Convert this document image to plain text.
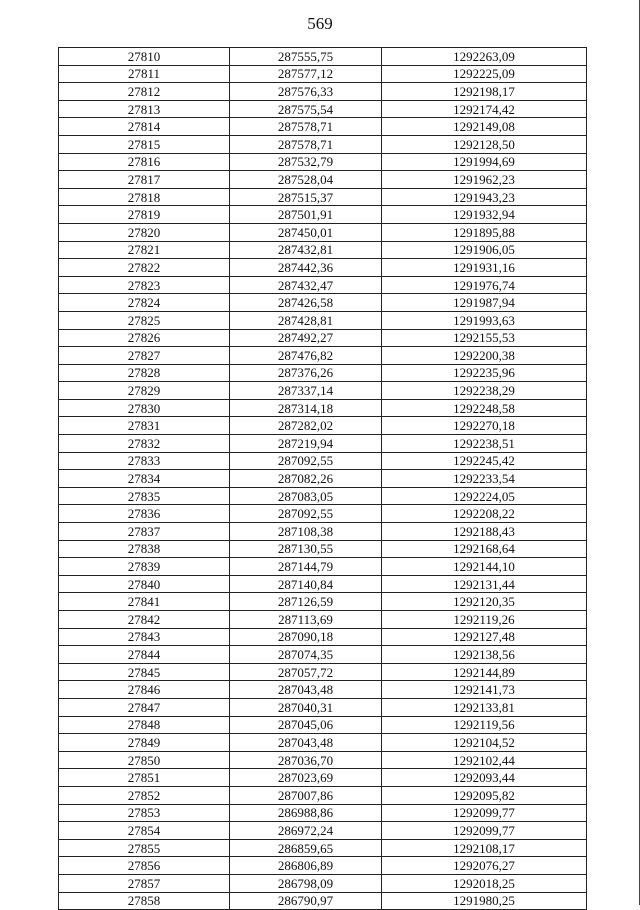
569
27810	287555,75	1292263,09
27811	287577,12	1292225,09
27812	287576,33	1292198,17
27813	287575,54	1292174,42
27814	287578,71	1292149,08
27815	287578,71	1292128,50
27816	287532,79	1291994,69
27817	287528,04	1291962,23
27818	287515,37	1291943,23
27819	287501,91	1291932,94
27820	287450,01	1291895,88
27821	287432,81	1291906,05
27822	287442,36	1291931,16
27823	287432,47	1291976,74
27824	287426,58	1291987,94
27825	287428,81	1291993,63
27826	287492,27	1292155,53
27827	287476,82	1292200,38
27828	287376,26	1292235,96
27829	287337,14	1292238,29
27830	287314,18	1292248,58
27831	287282,02	1292270,18
27832	287219,94	1292238,51
27833	287092,55	1292245,42
27834	287082,26	1292233,54
27835	287083,05	1292224,05
27836	287092,55	1292208,22
27837	287108,38	1292188,43
27838	287130,55	1292168,64
27839	287144,79	1292144,10
27840	287140,84	1292131,44
27841	287126,59	1292120,35
27842	287113,69	1292119,26
27843	287090,18	1292127,48
27844	287074,35	1292138,56
27845	287057,72	1292144,89
27846	287043,48	1292141,73
27847	287040,31	1292133,81
27848	287045,06	1292119,56
27849	287043,48	1292104,52
27850	287036,70	1292102,44
27851	287023,69	1292093,44
27852	287007,86	1292095,82
27853	286988,86	1292099,77
27854	286972,24	1292099,77
27855	286859,65	1292108,17
27856	286806,89	1292076,27
27857	286798,09	1292018,25
27858	286790,97	1291980,25
